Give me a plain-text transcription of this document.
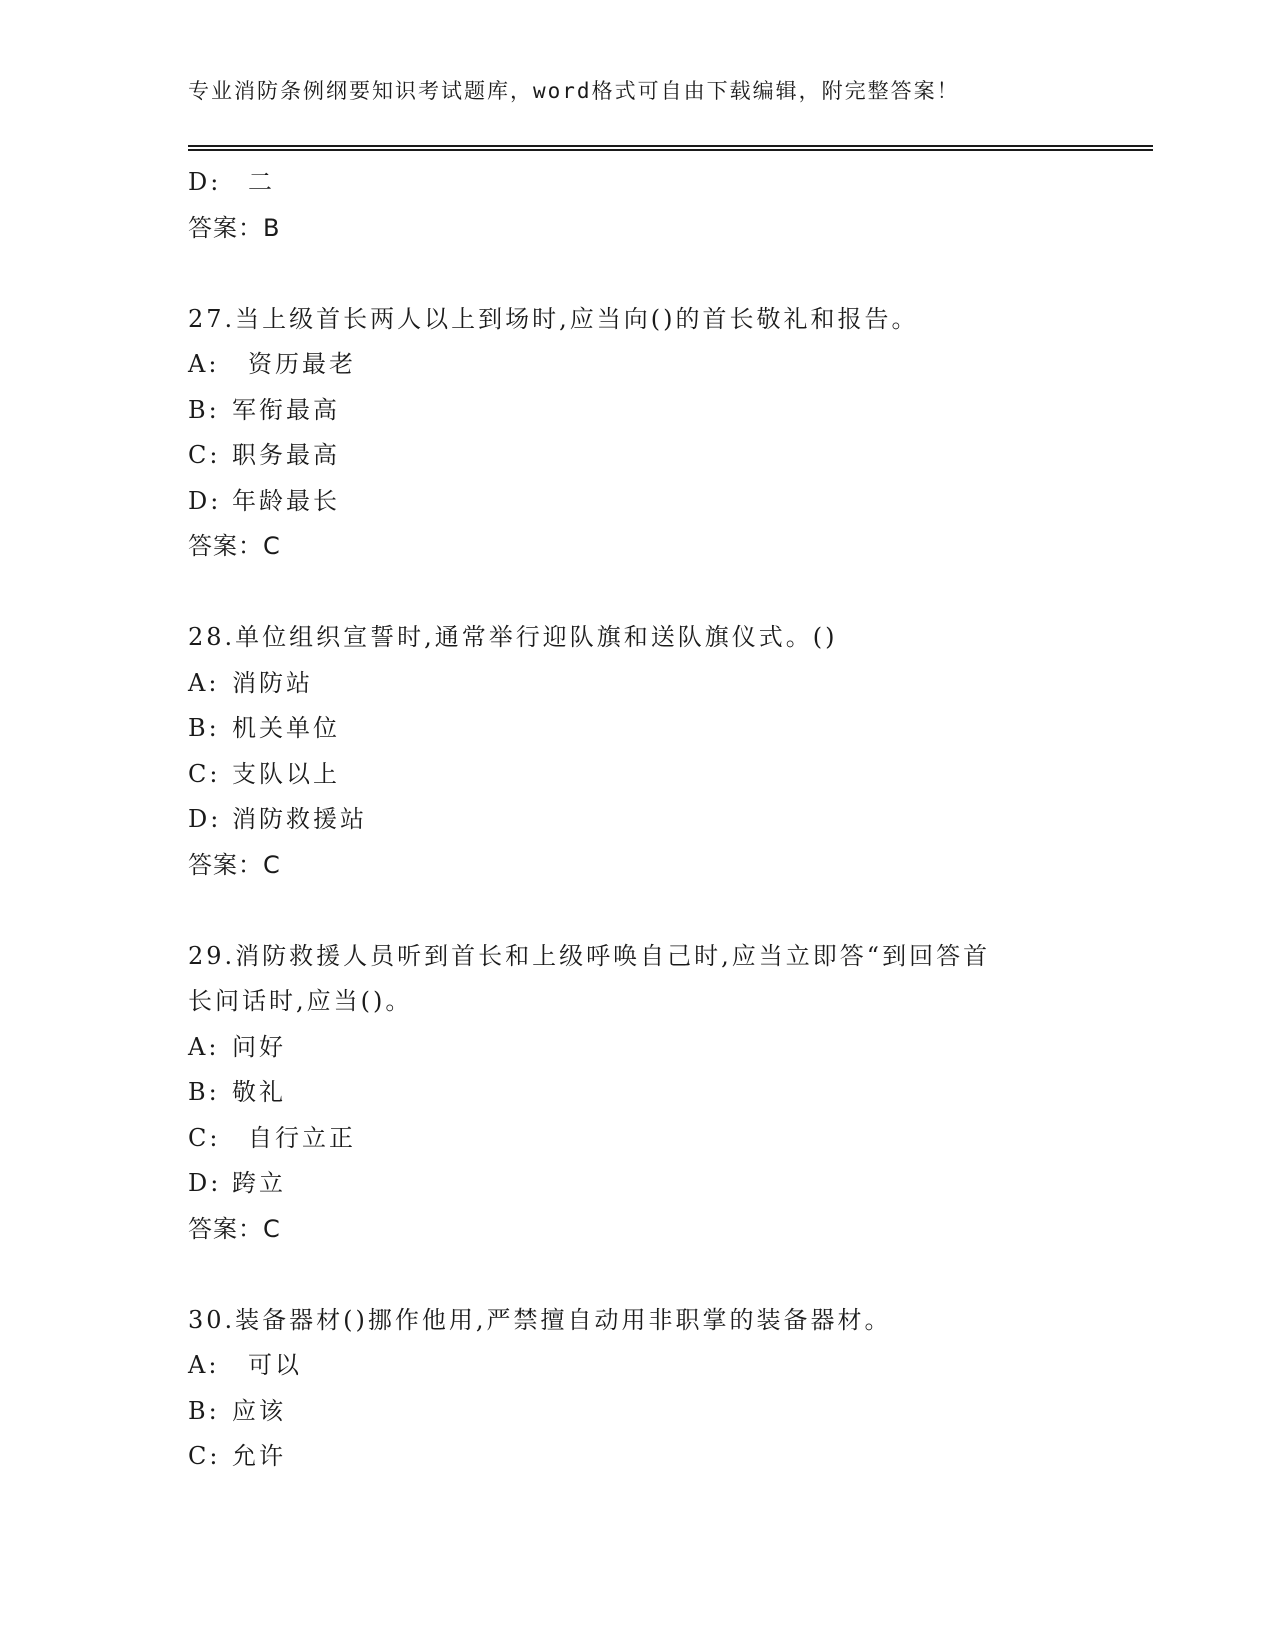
专业消防条例纲要知识考试题库，word格式可自由下载编辑，附完整答案！
D: 二
答案：B
27.当上级首长两人以上到场时,应当向()的首长敬礼和报告。
A: 资历最老
B: 军衔最高
C: 职务最高
D: 年龄最长
答案：C
28.单位组织宣誓时,通常举行迎队旗和送队旗仪式。()
A: 消防站
B: 机关单位
C: 支队以上
D: 消防救援站
答案：C
29.消防救援人员听到首长和上级呼唤自己时,应当立即答“到回答首
长问话时,应当()。
A: 问好
B: 敬礼
C: 自行立正
D: 跨立
答案：C
30.装备器材()挪作他用,严禁擅自动用非职掌的装备器材。
A: 可以
B: 应该
C: 允许
